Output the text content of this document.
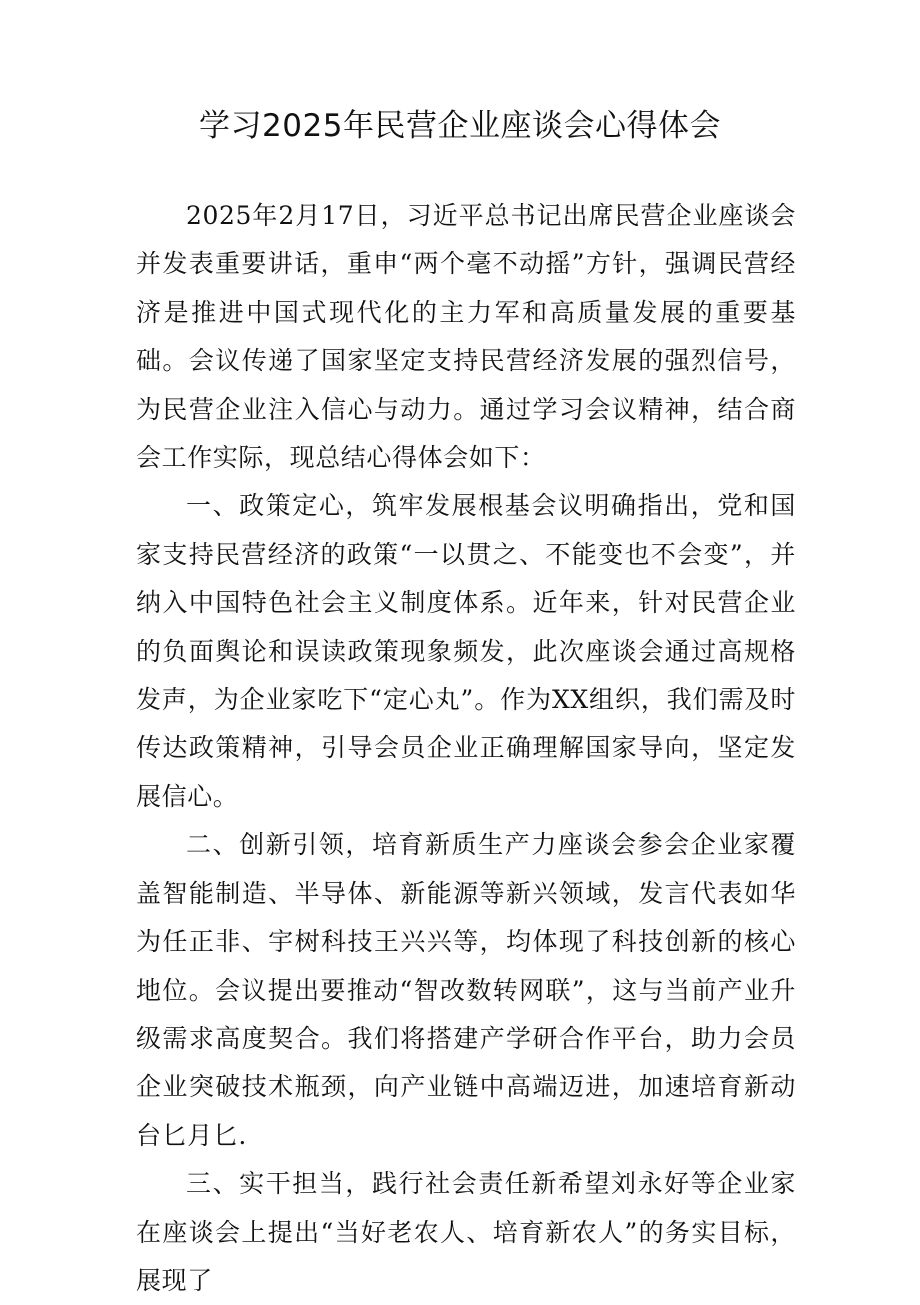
学习2025年民营企业座谈会心得体会

2025年2月17日，习近平总书记出席民营企业座谈会并发表重要讲话，重申“两个毫不动摇”方针，强调民营经济是推进中国式现代化的主力军和高质量发展的重要基础。会议传递了国家坚定支持民营经济发展的强烈信号，为民营企业注入信心与动力。通过学习会议精神，结合商会工作实际，现总结心得体会如下：

一、政策定心，筑牢发展根基会议明确指出，党和国家支持民营经济的政策“一以贯之、不能变也不会变”，并纳入中国特色社会主义制度体系。近年来，针对民营企业的负面舆论和误读政策现象频发，此次座谈会通过高规格发声，为企业家吃下“定心丸”。作为XX组织，我们需及时传达政策精神，引导会员企业正确理解国家导向，坚定发展信心。

二、创新引领，培育新质生产力座谈会参会企业家覆盖智能制造、半导体、新能源等新兴领域，发言代表如华为任正非、宇树科技王兴兴等，均体现了科技创新的核心地位。会议提出要推动“智改数转网联”，这与当前产业升级需求高度契合。我们将搭建产学研合作平台，助力会员企业突破技术瓶颈，向产业链中高端迈进，加速培育新动台匕月匕.

三、实干担当，践行社会责任新希望刘永好等企业家在座谈会上提出“当好老农人、培育新农人”的务实目标，展现了
